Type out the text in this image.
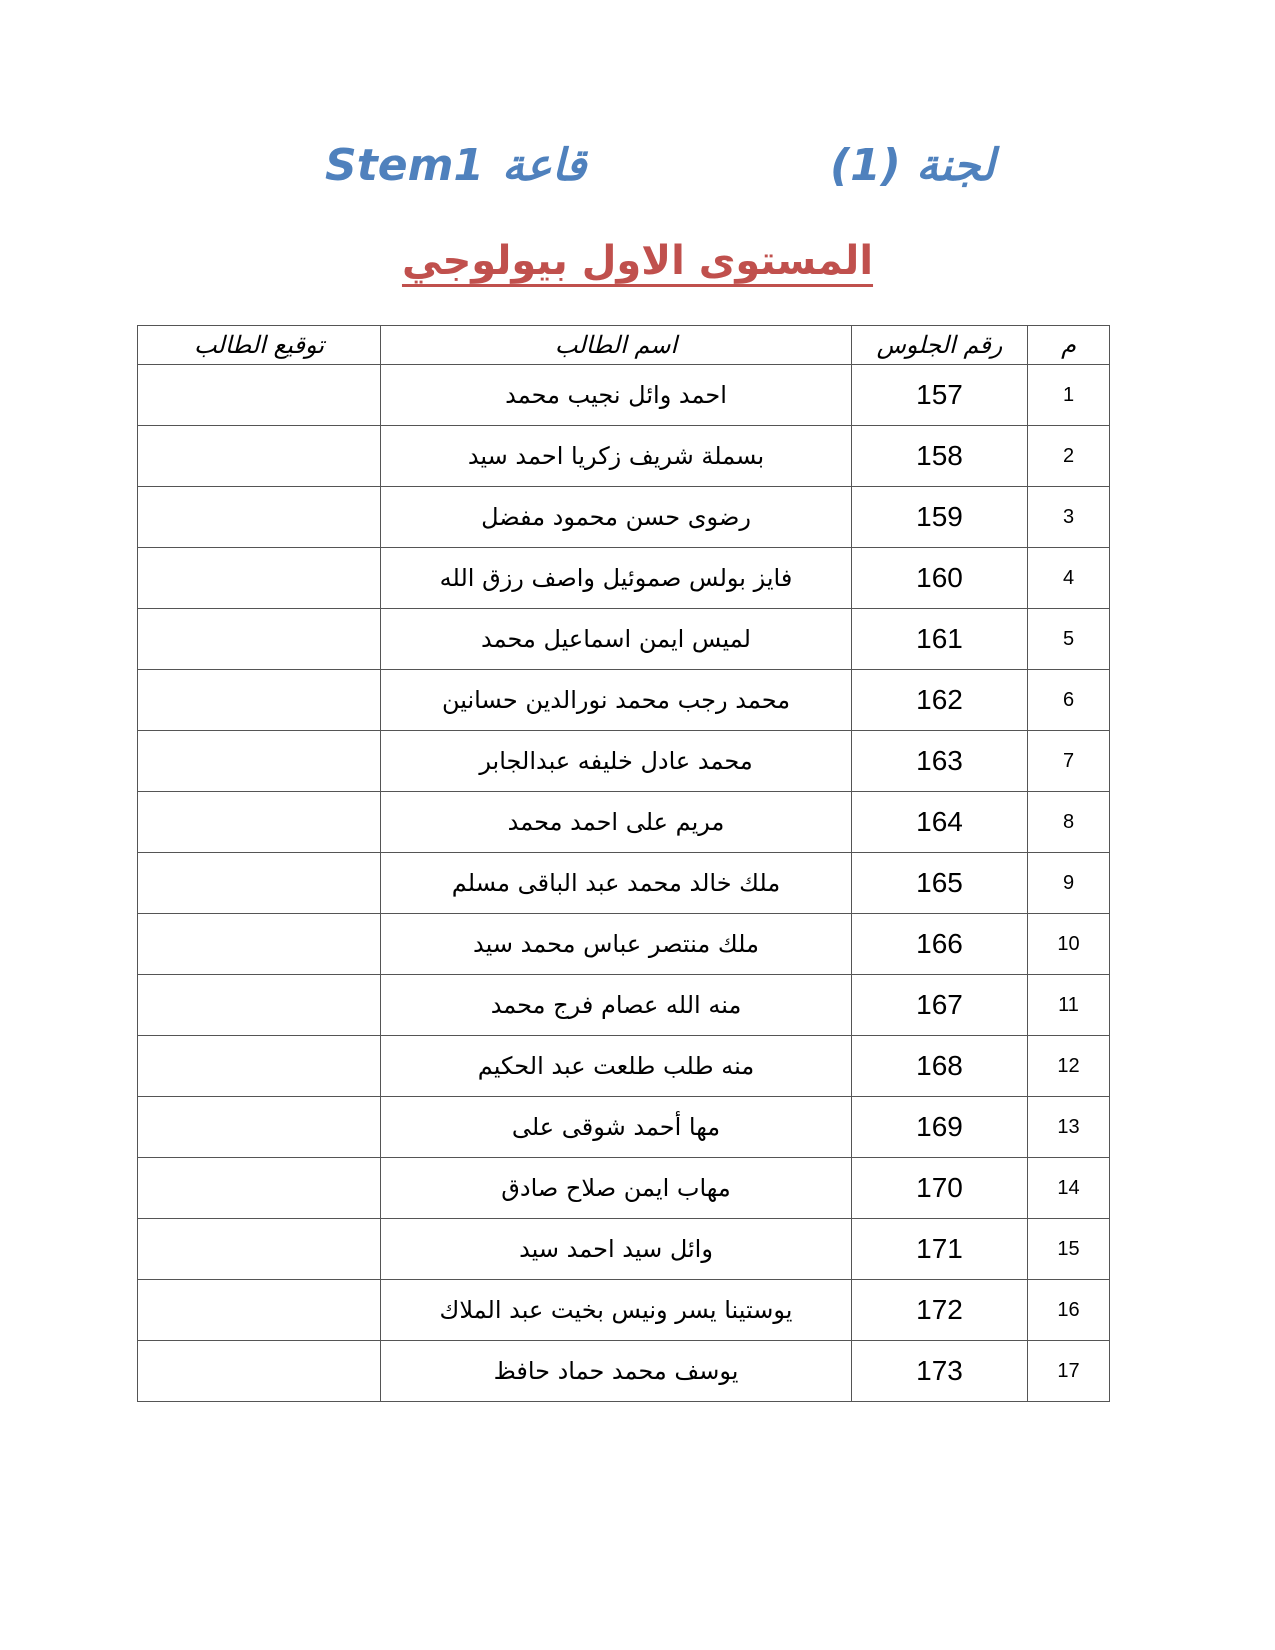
لجنة (1)
Stem1 قاعة
المستوى الاول بيولوجي
م	رقم الجلوس	اسم الطالب	توقيع الطالب
1	157	احمد وائل نجيب محمد	
2	158	بسملة شريف زكريا احمد سيد	
3	159	رضوى حسن محمود مفضل	
4	160	فايز بولس صموئيل واصف رزق الله	
5	161	لميس ايمن اسماعيل محمد	
6	162	محمد رجب محمد نورالدين حسانين	
7	163	محمد عادل خليفه عبدالجابر	
8	164	مريم على احمد محمد	
9	165	ملك خالد محمد عبد الباقى مسلم	
10	166	ملك منتصر عباس محمد سيد	
11	167	منه الله عصام فرج محمد	
12	168	منه طلب طلعت عبد الحكيم	
13	169	مها أحمد شوقى على	
14	170	مهاب ايمن صلاح صادق	
15	171	وائل سيد احمد سيد	
16	172	يوستينا يسر ونيس بخيت عبد الملاك	
17	173	يوسف محمد حماد حافظ	
